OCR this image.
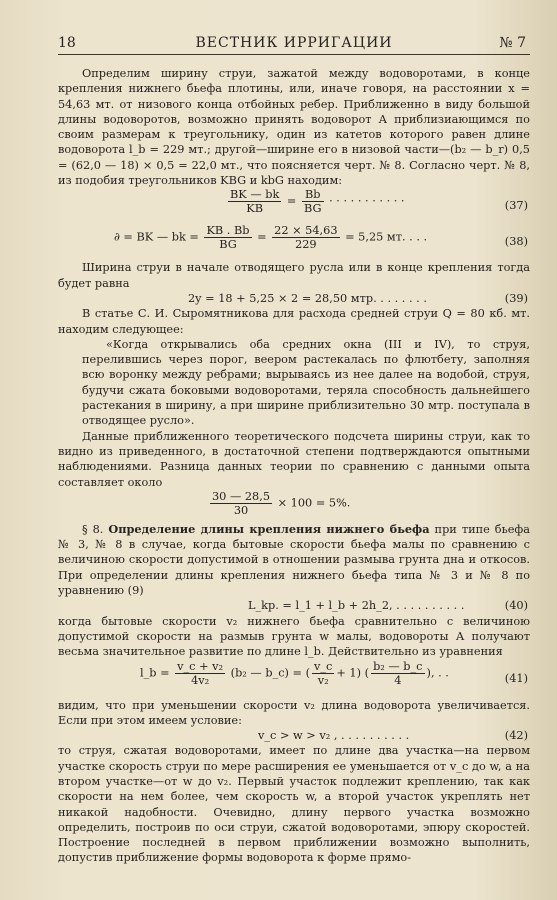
18	ВЕСТНИК ИРРИГАЦИИ	№ 7

Определим ширину струи, зажатой между водоворотами, в конце крепления нижнего бьефа плотины, или, иначе говоря, на расстоянии x = 54,63 мт. от низового конца отбойных ребер. Приближенно в виду большой длины водоворотов, возможно принять водоворот A приблизиающимся по своим размерам к треугольнику, один из катетов которого равен длине водоворота l_b = 229 мт.; другой—ширине его в низовой части—(b₂ — b_r) 0,5 = (62,0 — 18) × 0,5 = 22,0 мт., что поясняется черт. № 8. Согласно черт. № 8, из подобия треугольников KBG и kbG находим:

$\frac{BK — bk}{KB} = \frac{Bb}{BG}$ · · · · · · · · · · ·	(37)
∂ = BK — bk = $\frac{KB . Bb}{BG} = \frac{22 \times 54,63}{229} = 5,25$ мт. . . .	(38)

Ширина струи в начале отводящего русла или в конце крепления тогда будет равна

2y = 18 + 5,25 × 2 = 28,50 мтр. . . . . . . .	(39)

В статье С. И. Сыромятникова для расхода средней струи Q = 80 кб. мт. находим следующее:

«Когда открывались оба средних окна (III и IV), то струя, перелившись через порог, веером растекалась по флютбету, заполняя всю воронку между ребрами; вырываясь из нее далее на водобой, струя, будучи сжата боковыми водоворотами, теряла способность дальнейшего растекания в ширину, а при ширине приблизительно 30 мтр. поступала в отводящее русло».

Данные приближенного теоретического подсчета ширины струи, как то видно из приведенного, в достаточной степени подтверждаются опытными наблюдениями. Разница данных теории по сравнению с данными опыта составляет около

$\frac{30 — 28,5}{30} \times 100 = 5\%$.

§ 8. Определение длины крепления нижнего бьефа при типе бьефа № 3, № 8 в случае, когда бытовые скорости бьефа малы по сравнению с величиною скорости допустимой в отношении размыва грунта дна и откосов. При определении длины крепления нижнего бьефа типа № 3 и № 8 по уравнению (9)

L_kp. = l_1 + l_b + 2h_2, . . . . . . . . . .	(40)

когда бытовые скорости v₂ нижнего бьефа сравнительно с величиною допустимой скорости на размыв грунта w малы, водовороты A получают весьма значительное развитие по длине l_b. Действительно из уравнения

l_b = $\frac{\text{v\_c + v₂}}{\text{4v₂}} (b_2$ — b_c) = ( $\frac{v\_c}{\text{v₂}} + 1$) ( $\frac{\text{b₂ — b\_c}}{4}$ ), . .	(41)

видим, что при уменьшении скорости v₂ длина водоворота увеличивается. Если при этом имеем условие:

v_c > w > v₂ , . . . . . . . . . .	(42)

то струя, сжатая водоворотами, имеет по длине два участка—на первом участке скорость струи по мере расширения ее уменьшается от v_c до w, а на втором участке—от w до v₂. Первый участок подлежит креплению, так как скорости на нем более, чем скорость w, а второй участок укреплять нет никакой надобности. Очевидно, длину первого участка возможно определить, построив по оси струи, сжатой водоворотами, эпюру скоростей. Построение последней в первом приближении возможно выполнить, допустив приближение формы водоворота к форме прямо-
